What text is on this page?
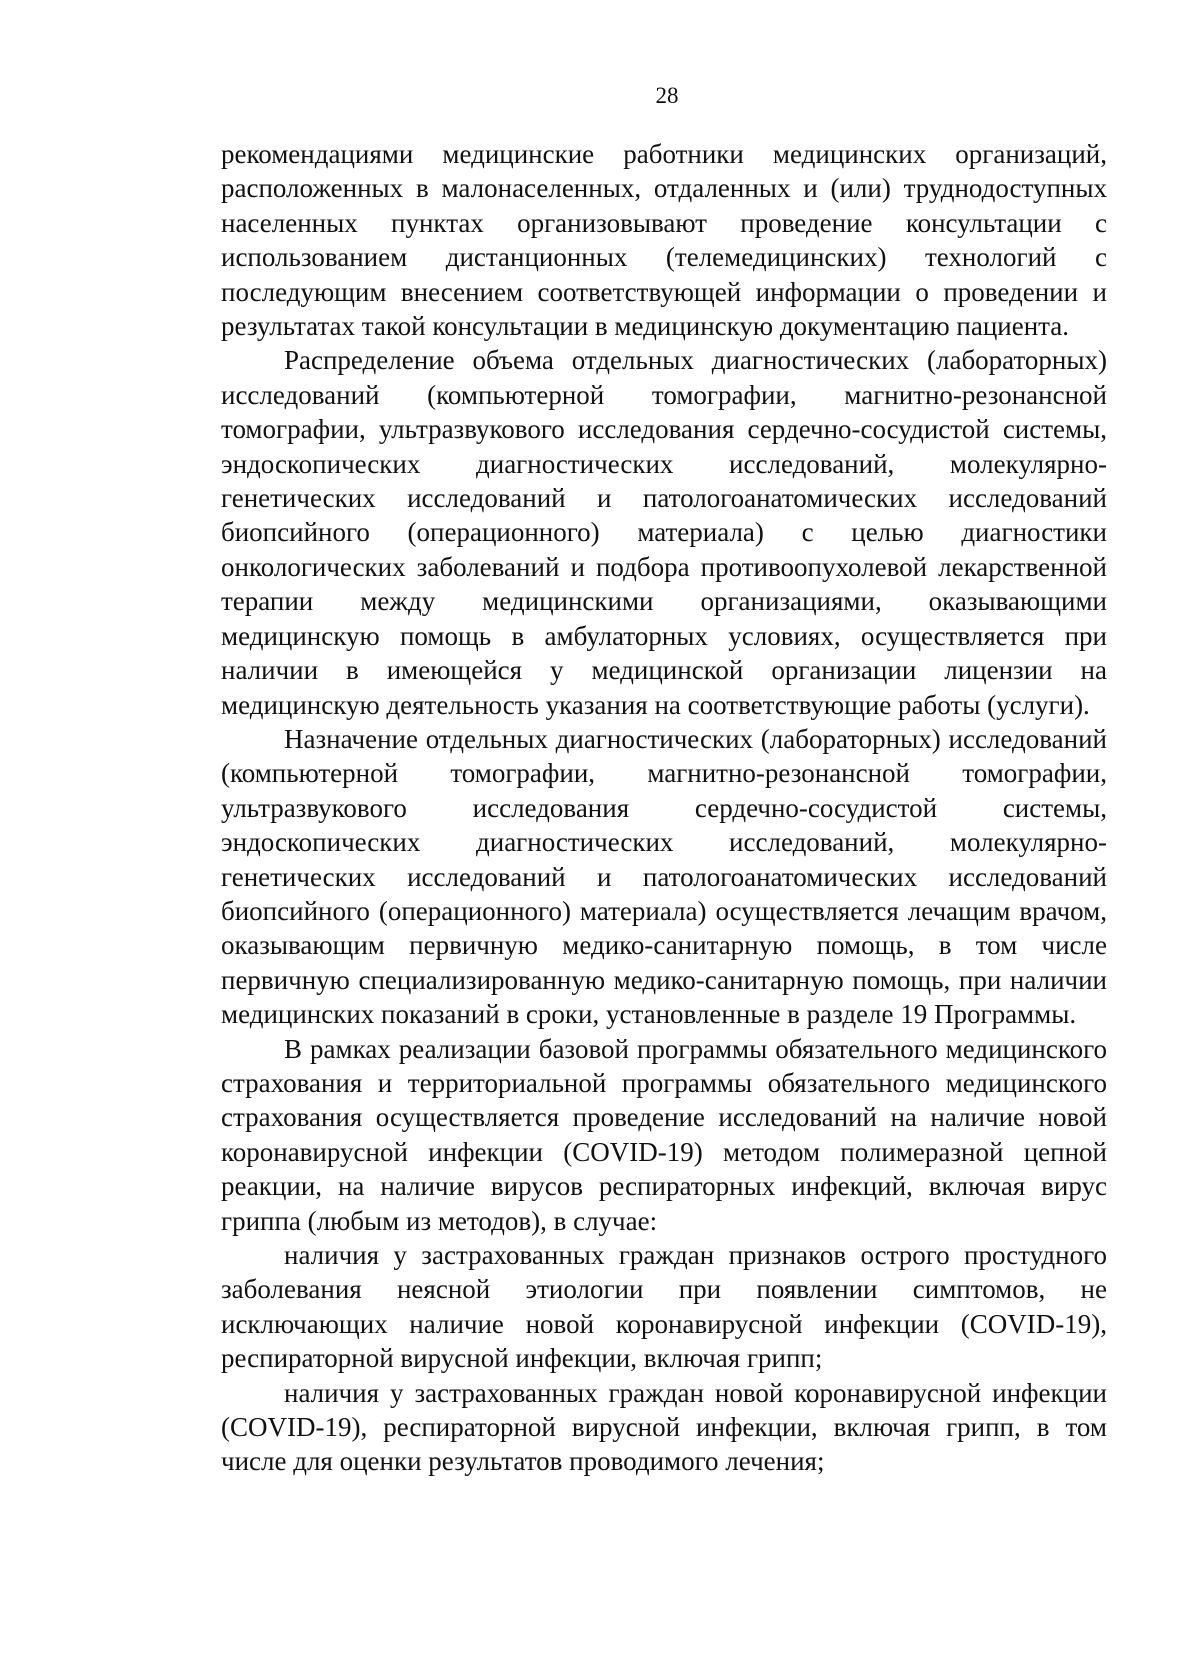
28

рекомендациями медицинские работники медицинских организаций, расположенных в малонаселенных, отдаленных и (или) труднодоступных населенных пунктах организовывают проведение консультации с использованием дистанционных (телемедицинских) технологий с последующим внесением соответствующей информации о проведении и результатах такой консультации в медицинскую документацию пациента.

Распределение объема отдельных диагностических (лабораторных) исследований (компьютерной томографии, магнитно-резонансной томографии, ультразвукового исследования сердечно-сосудистой системы, эндоскопических диагностических исследований, молекулярно-генетических исследований и патологоанатомических исследований биопсийного (операционного) материала) с целью диагностики онкологических заболеваний и подбора противоопухолевой лекарственной терапии между медицинскими организациями, оказывающими медицинскую помощь в амбулаторных условиях, осуществляется при наличии в имеющейся у медицинской организации лицензии на медицинскую деятельность указания на соответствующие работы (услуги).

Назначение отдельных диагностических (лабораторных) исследований (компьютерной томографии, магнитно-резонансной томографии, ультразвукового исследования сердечно-сосудистой системы, эндоскопических диагностических исследований, молекулярно-генетических исследований и патологоанатомических исследований биопсийного (операционного) материала) осуществляется лечащим врачом, оказывающим первичную медико-санитарную помощь, в том числе первичную специализированную медико-санитарную помощь, при наличии медицинских показаний в сроки, установленные в разделе 19 Программы.

В рамках реализации базовой программы обязательного медицинского страхования и территориальной программы обязательного медицинского страхования осуществляется проведение исследований на наличие новой коронавирусной инфекции (COVID-19) методом полимеразной цепной реакции, на наличие вирусов респираторных инфекций, включая вирус гриппа (любым из методов), в случае:

наличия у застрахованных граждан признаков острого простудного заболевания неясной этиологии при появлении симптомов, не исключающих наличие новой коронавирусной инфекции (COVID-19), респираторной вирусной инфекции, включая грипп;

наличия у застрахованных граждан новой коронавирусной инфекции (COVID-19), респираторной вирусной инфекции, включая грипп, в том числе для оценки результатов проводимого лечения;
